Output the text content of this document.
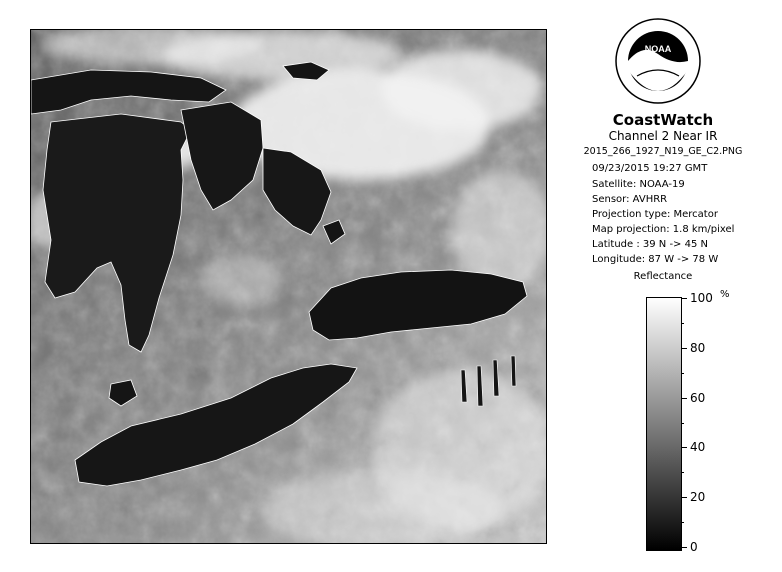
NOAA
CoastWatch
Channel 2 Near IR
2015_266_1927_N19_GE_C2.PNG
09/23/2015 19:27 GMT
Satellite: NOAA-19
Sensor: AVHRR
Projection type: Mercator
Map projection: 1.8 km/pixel
Latitude : 39 N -> 45 N
Longitude: 87 W -> 78 W
Reflectance
%
0
20
40
60
80
100
